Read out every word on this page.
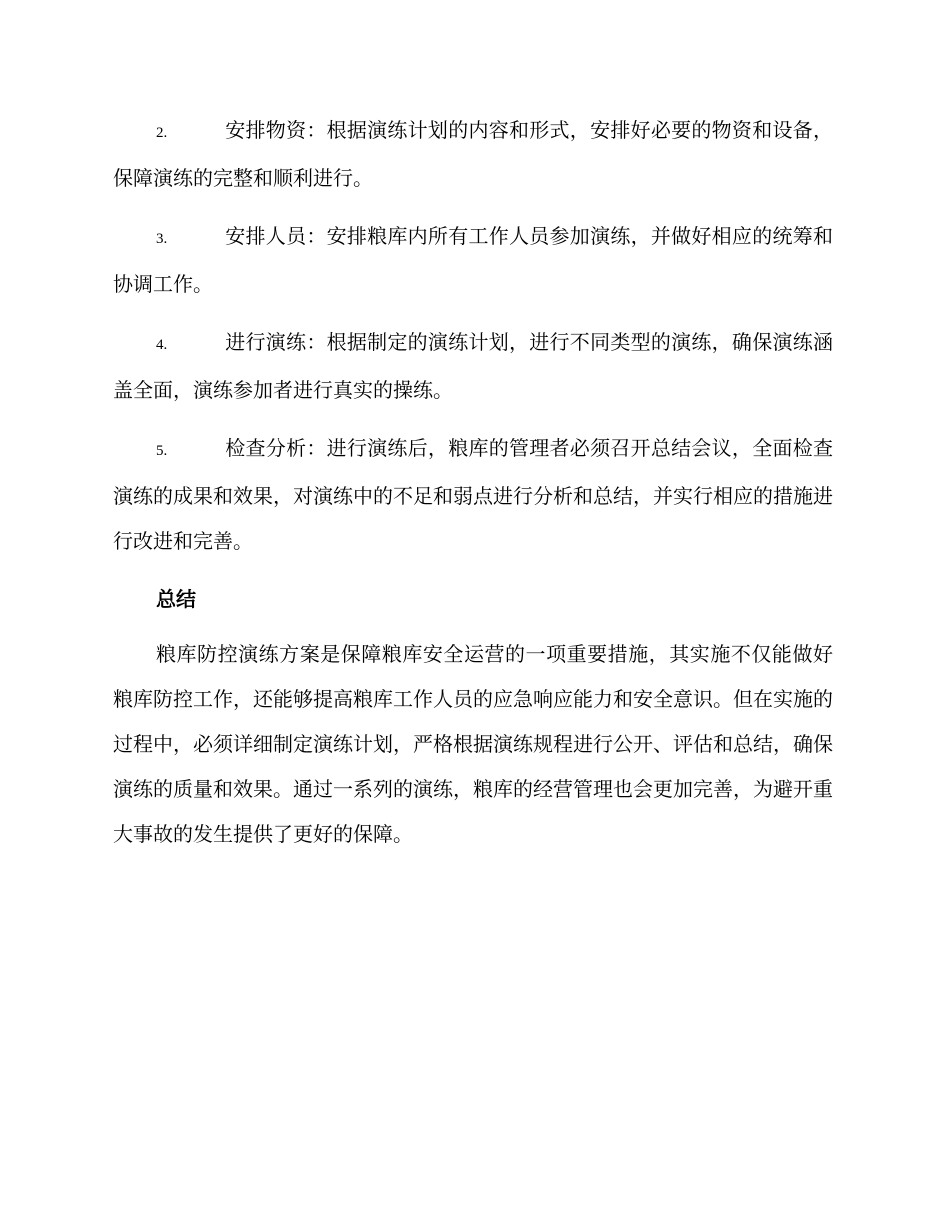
2.	安排物资：根据演练计划的内容和形式，安排好必要的物资和设备，保障演练的完整和顺利进行。

3.	安排人员：安排粮库内所有工作人员参加演练，并做好相应的统筹和协调工作。

4.	进行演练：根据制定的演练计划，进行不同类型的演练，确保演练涵盖全面，演练参加者进行真实的操练。

5.	检查分析：进行演练后，粮库的管理者必须召开总结会议，全面检查演练的成果和效果，对演练中的不足和弱点进行分析和总结，并实行相应的措施进行改进和完善。

总结

粮库防控演练方案是保障粮库安全运营的一项重要措施，其实施不仅能做好粮库防控工作，还能够提高粮库工作人员的应急响应能力和安全意识。但在实施的过程中，必须详细制定演练计划，严格根据演练规程进行公开、评估和总结，确保演练的质量和效果。通过一系列的演练，粮库的经营管理也会更加完善，为避开重大事故的发生提供了更好的保障。
